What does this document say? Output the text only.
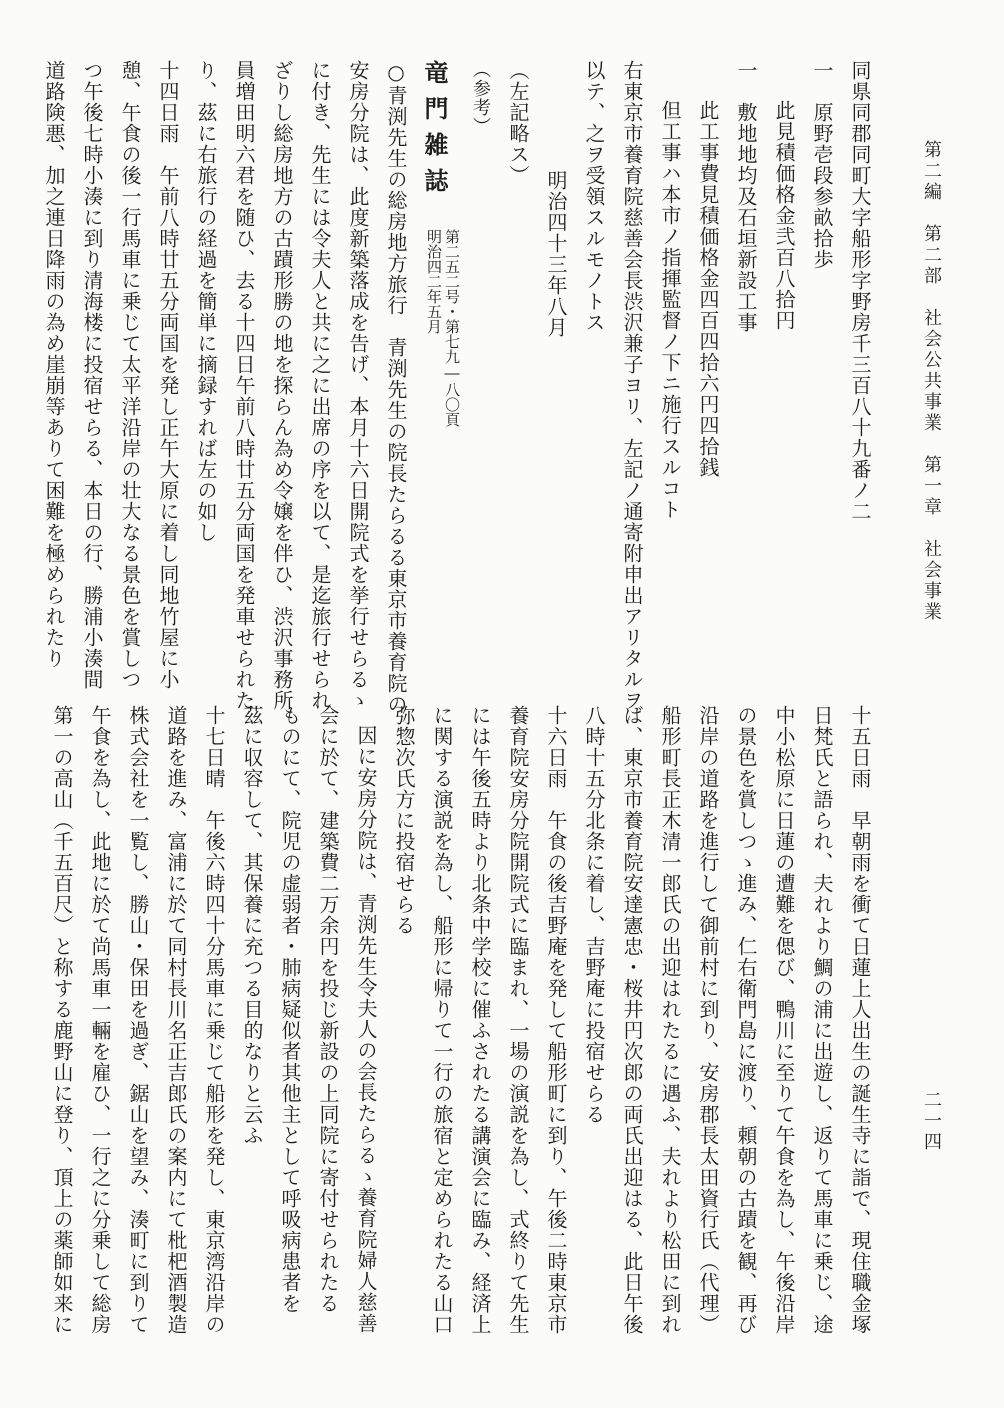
第二編　第二部　社会公共事業　第一章　社会事業
二一四
同県同郡同町大字船形字野房千三百八十九番ノ二
一　原野壱段参畝拾歩
此見積価格金弐百八拾円
一　敷地地均及石垣新設工事
此工事費見積価格金四百四拾六円四拾銭
但工事ハ本市ノ指揮監督ノ下ニ施行スルコト
右東京市養育院慈善会長渋沢兼子ヨリ、左記ノ通寄附申出アリタルヲ
以テ、之ヲ受領スルモノトス
明治四十三年八月
（左記略ス）
（参考）
竜門雑誌
第二五二号・第七九―八〇頁
明治四二年五月
○青渕先生の総房地方旅行　青渕先生の院長たらるる東京市養育院の
安房分院は、此度新築落成を告げ、本月十六日開院式を挙行せらるゝ
に付き、先生には令夫人と共に之に出席の序を以て、是迄旅行せられ
ざりし総房地方の古蹟形勝の地を探らん為め令嬢を伴ひ、渋沢事務所
員増田明六君を随ひ、去る十四日午前八時廿五分両国を発車せられた
り、茲に右旅行の経過を簡単に摘録すれば左の如し
十四日雨　午前八時廿五分両国を発し正午大原に着し同地竹屋に小
憩、午食の後一行馬車に乗じて太平洋沿岸の壮大なる景色を賞しつ
つ午後七時小湊に到り清海楼に投宿せらる、本日の行、勝浦小湊間
道路険悪、加之連日降雨の為め崖崩等ありて困難を極められたり
十五日雨　早朝雨を衝て日蓮上人出生の誕生寺に詣で、現住職金塚
日梵氏と語られ、夫れより鯛の浦に出遊し、返りて馬車に乗じ、途
中小松原に日蓮の遭難を偲び、鴨川に至りて午食を為し、午後沿岸
の景色を賞しつゝ進み、仁右衛門島に渡り、頼朝の古蹟を観、再び
沿岸の道路を進行して御前村に到り、安房郡長太田資行氏（代理）
船形町長正木清一郎氏の出迎はれたるに遇ふ、夫れより松田に到れ
ば、東京市養育院安達憲忠・桜井円次郎の両氏出迎はる、此日午後
八時十五分北条に着し、吉野庵に投宿せらる
十六日雨　午食の後吉野庵を発して船形町に到り、午後二時東京市
養育院安房分院開院式に臨まれ、一場の演説を為し、式終りて先生
には午後五時より北条中学校に催ふされたる講演会に臨み、経済上
に関する演説を為し、船形に帰りて一行の旅宿と定められたる山口
弥惣次氏方に投宿せらる
因に安房分院は、青渕先生令夫人の会長たらるゝ養育院婦人慈善
会に於て、建築費二万余円を投じ新設の上同院に寄付せられたる
ものにて、院児の虚弱者・肺病疑似者其他主として呼吸病患者を
茲に収容して、其保養に充つる目的なりと云ふ
十七日晴　午後六時四十分馬車に乗じて船形を発し、東京湾沿岸の
道路を進み、富浦に於て同村長川名正吉郎氏の案内にて枇杷酒製造
株式会社を一覧し、勝山・保田を過ぎ、鋸山を望み、湊町に到りて
午食を為し、此地に於て尚馬車一輛を雇ひ、一行之に分乗して総房
第一の高山（千五百尺）と称する鹿野山に登り、頂上の薬師如来に
